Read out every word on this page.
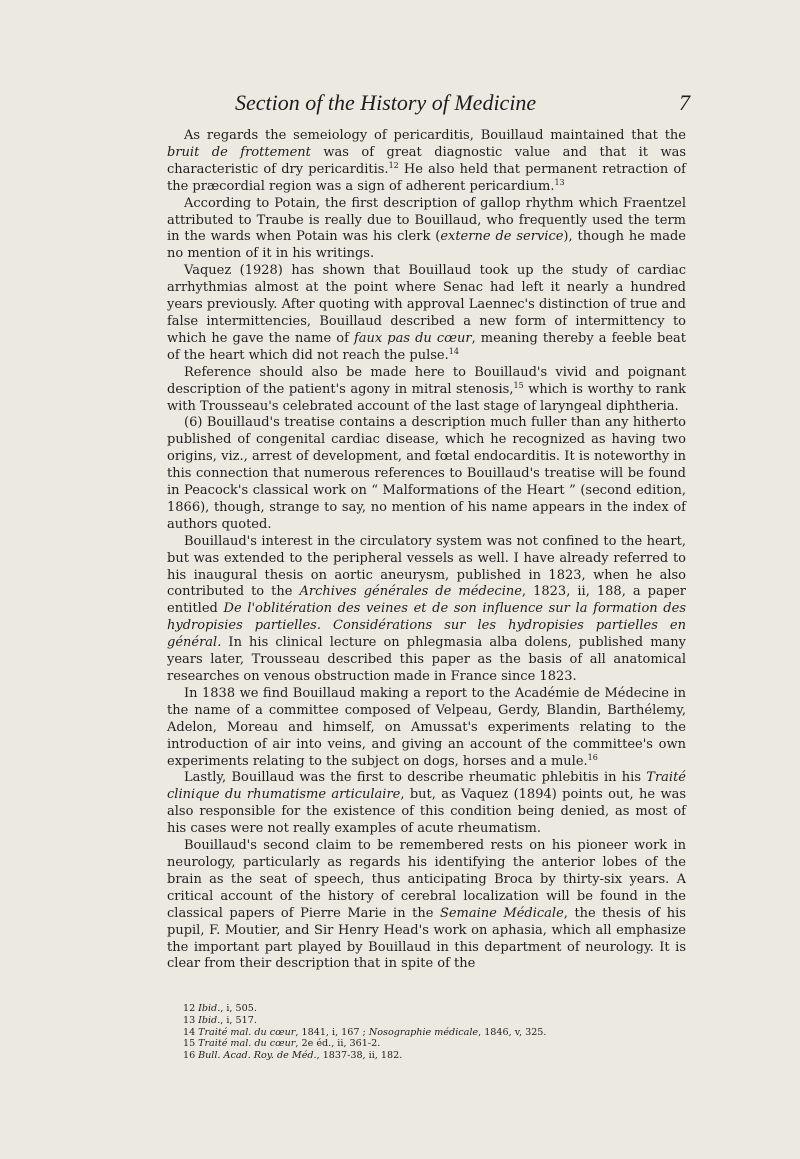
Section of the History of Medicine	7

As regards the semeiology of pericarditis, Bouillaud maintained that the bruit de frottement was of great diagnostic value and that it was characteristic of dry pericarditis.$^{12}$ He also held that permanent retraction of the præcordial region was a sign of adherent pericardium.$^{13}$

According to Potain, the first description of gallop rhythm which Fraentzel attributed to Traube is really due to Bouillaud, who frequently used the term in the wards when Potain was his clerk (externe de service), though he made no mention of it in his writings.

Vaquez (1928) has shown that Bouillaud took up the study of cardiac arrhythmias almost at the point where Senac had left it nearly a hundred years previously. After quoting with approval Laennec's distinction of true and false intermittencies, Bouillaud described a new form of intermittency to which he gave the name of faux pas du cœur, meaning thereby a feeble beat of the heart which did not reach the pulse.$^{14}$

Reference should also be made here to Bouillaud's vivid and poignant description of the patient's agony in mitral stenosis,$^{15}$ which is worthy to rank with Trousseau's celebrated account of the last stage of laryngeal diphtheria.

(6) Bouillaud's treatise contains a description much fuller than any hitherto published of congenital cardiac disease, which he recognized as having two origins, viz., arrest of development, and fœtal endocarditis. It is noteworthy in this connection that numerous references to Bouillaud's treatise will be found in Peacock's classical work on “ Malformations of the Heart ” (second edition, 1866), though, strange to say, no mention of his name appears in the index of authors quoted.

Bouillaud's interest in the circulatory system was not confined to the heart, but was extended to the peripheral vessels as well. I have already referred to his inaugural thesis on aortic aneurysm, published in 1823, when he also contributed to the Archives générales de médecine, 1823, ii, 188, a paper entitled De l'oblitération des veines et de son influence sur la formation des hydropisies partielles. Considérations sur les hydropisies partielles en général. In his clinical lecture on phlegmasia alba dolens, published many years later, Trousseau described this paper as the basis of all anatomical researches on venous obstruction made in France since 1823.

In 1838 we find Bouillaud making a report to the Académie de Médecine in the name of a committee composed of Velpeau, Gerdy, Blandin, Barthélemy, Adelon, Moreau and himself, on Amussat's experiments relating to the introduction of air into veins, and giving an account of the committee's own experiments relating to the subject on dogs, horses and a mule.$^{16}$

Lastly, Bouillaud was the first to describe rheumatic phlebitis in his Traité clinique du rhumatisme articulaire, but, as Vaquez (1894) points out, he was also responsible for the existence of this condition being denied, as most of his cases were not really examples of acute rheumatism.

Bouillaud's second claim to be remembered rests on his pioneer work in neurology, particularly as regards his identifying the anterior lobes of the brain as the seat of speech, thus anticipating Broca by thirty-six years. A critical account of the history of cerebral localization will be found in the classical papers of Pierre Marie in the Semaine Médicale, the thesis of his pupil, F. Moutier, and Sir Henry Head's work on aphasia, which all emphasize the important part played by Bouillaud in this department of neurology. It is clear from their description that in spite of the

12 Ibid., i, 505.

13 Ibid., i, 517.

14 Traité mal. du cœur, 1841, i, 167 ; Nosographie médicale, 1846, v, 325.

15 Traité mal. du cœur, 2e éd., ii, 361-2.

16 Bull. Acad. Roy. de Méd., 1837-38, ii, 182.
